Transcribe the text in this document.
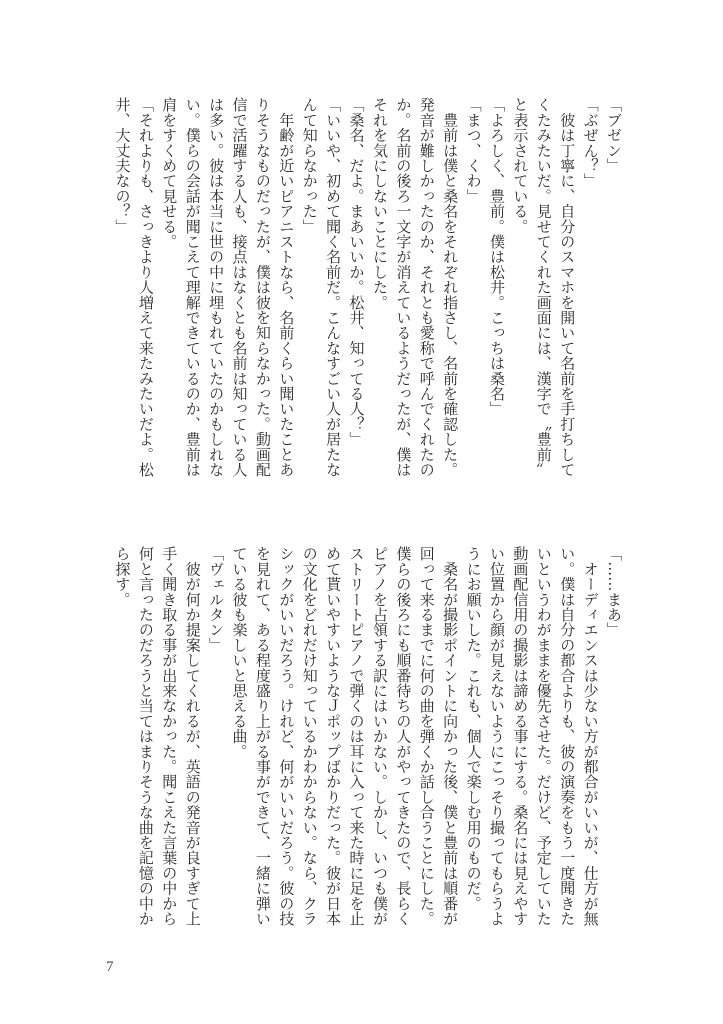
「ブゼン」
「ぶぜん？」
　彼は丁寧に、自分のスマホを開いて名前を手打ちして
くたみたいだ。見せてくれた画面には、漢字で〝豊前〟
と表示されている。
「よろしく、豊前。僕は松井。こっちは桑名」
「まつ、くわ」
　豊前は僕と桑名をそれぞれ指さし、名前を確認した。
発音が難しかったのか、それとも愛称で呼んでくれたの
か。名前の後ろ一文字が消えているようだったが、僕は
それを気にしないことにした。
「桑名、だよ。まあいいか。松井、知ってる人？」
「いいや、初めて聞く名前だ。こんなすごい人が居たな
んて知らなかった」
　年齢が近いピアニストなら、名前くらい聞いたことあ
りそうなものだったが、僕は彼を知らなかった。動画配
信で活躍する人も、接点はなくとも名前は知っている人
は多い。彼は本当に世の中に埋もれていたのかもしれな
い。僕らの会話が聞こえて理解できているのか、豊前は
肩をすくめて見せる。
「それよりも、さっきより人増えて来たみたいだよ。松
井、大丈夫なの？」
「……まあ」
　オーディエンスは少ない方が都合がいいが、仕方が無
い。僕は自分の都合よりも、彼の演奏をもう一度聞きた
いというわがままを優先させた。だけど、予定していた
動画配信用の撮影は諦める事にする。桑名には見えやす
い位置から顔が見えないようにこっそり撮ってもらうよ
うにお願いした。これも、個人で楽しむ用のものだ。
　桑名が撮影ポイントに向かった後、僕と豊前は順番が
回って来るまでに何の曲を弾くか話し合うことにした。
僕らの後ろにも順番待ちの人がやってきたので、長らく
ピアノを占領する訳にはいかない。しかし、いつも僕が
ストリートピアノで弾くのは耳に入って来た時に足を止
めて貰いやすいようなＪポップばかりだった。彼が日本
の文化をどれだけ知っているかわからない。なら、クラ
シックがいいだろう。けれど、何がいいだろう。彼の技
を見れて、ある程度盛り上がる事ができて、一緒に弾い
ている彼も楽しいと思える曲。
「ヴェルタン」
　彼が何か提案してくれるが、英語の発音が良すぎて上
手く聞き取る事が出来なかった。聞こえた言葉の中から
何と言ったのだろうと当てはまりそうな曲を記憶の中か
ら探す。
7
